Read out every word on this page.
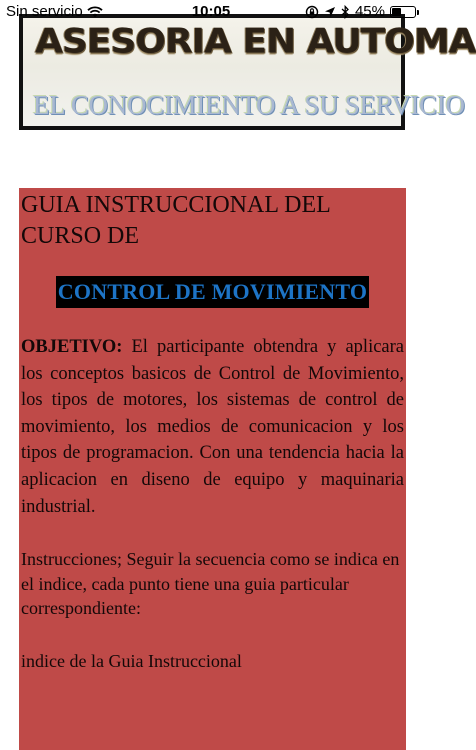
ASESORIA EN AUTOMA
EL CONOCIMIENTO A SU SERVICIO
Sin servicio	10:05	45%
GUIA INSTRUCCIONAL DEL CURSO DE
CONTROL DE MOVIMIENTO
OBJETIVO: El participante obtendra y aplicara los conceptos basicos de Control de Movimiento, los tipos de motores, los sistemas de control de movimiento, los medios de comunicacion y los tipos de programacion. Con una tendencia hacia la aplicacion en diseno de equipo y maquinaria industrial.
Instrucciones; Seguir la secuencia como se indica en el indice, cada punto tiene una guia particular correspondiente:
indice de la Guia Instruccional
